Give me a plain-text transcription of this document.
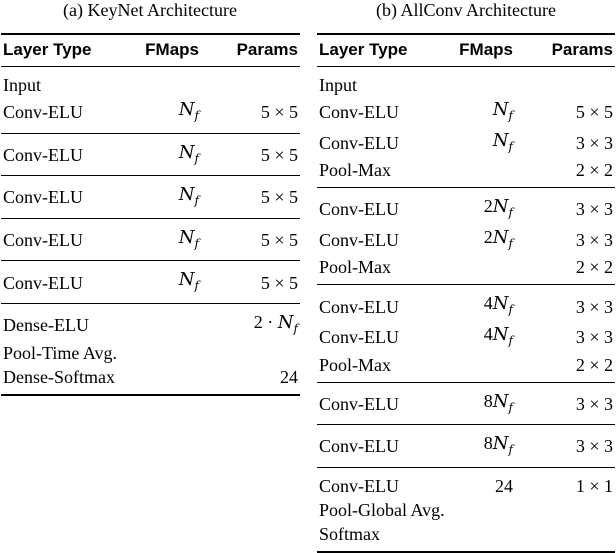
(a) KeyNet Architecture	(b) AllConv Architecture
Layer Type	FMaps	Params
Input		
Conv-ELU	$N_f$	5 × 5
Conv-ELU	$N_f$	5 × 5
Conv-ELU	$N_f$	5 × 5
Conv-ELU	$N_f$	5 × 5
Conv-ELU	$N_f$	5 × 5
Dense-ELU		$2 \cdot N_f$
Pool-Time Avg.		
Dense-Softmax		24
Layer Type	FMaps	Params
Input		
Conv-ELU	$N_f$	5 × 5
Conv-ELU	$N_f$	3 × 3
Pool-Max		2 × 2
Conv-ELU	$2N_f$	3 × 3
Conv-ELU	$2N_f$	3 × 3
Pool-Max		2 × 2
Conv-ELU	$4N_f$	3 × 3
Conv-ELU	$4N_f$	3 × 3
Pool-Max		2 × 2
Conv-ELU	$8N_f$	3 × 3
Conv-ELU	$8N_f$	3 × 3
Conv-ELU	24	1 × 1
Pool-Global Avg.		
Softmax		
